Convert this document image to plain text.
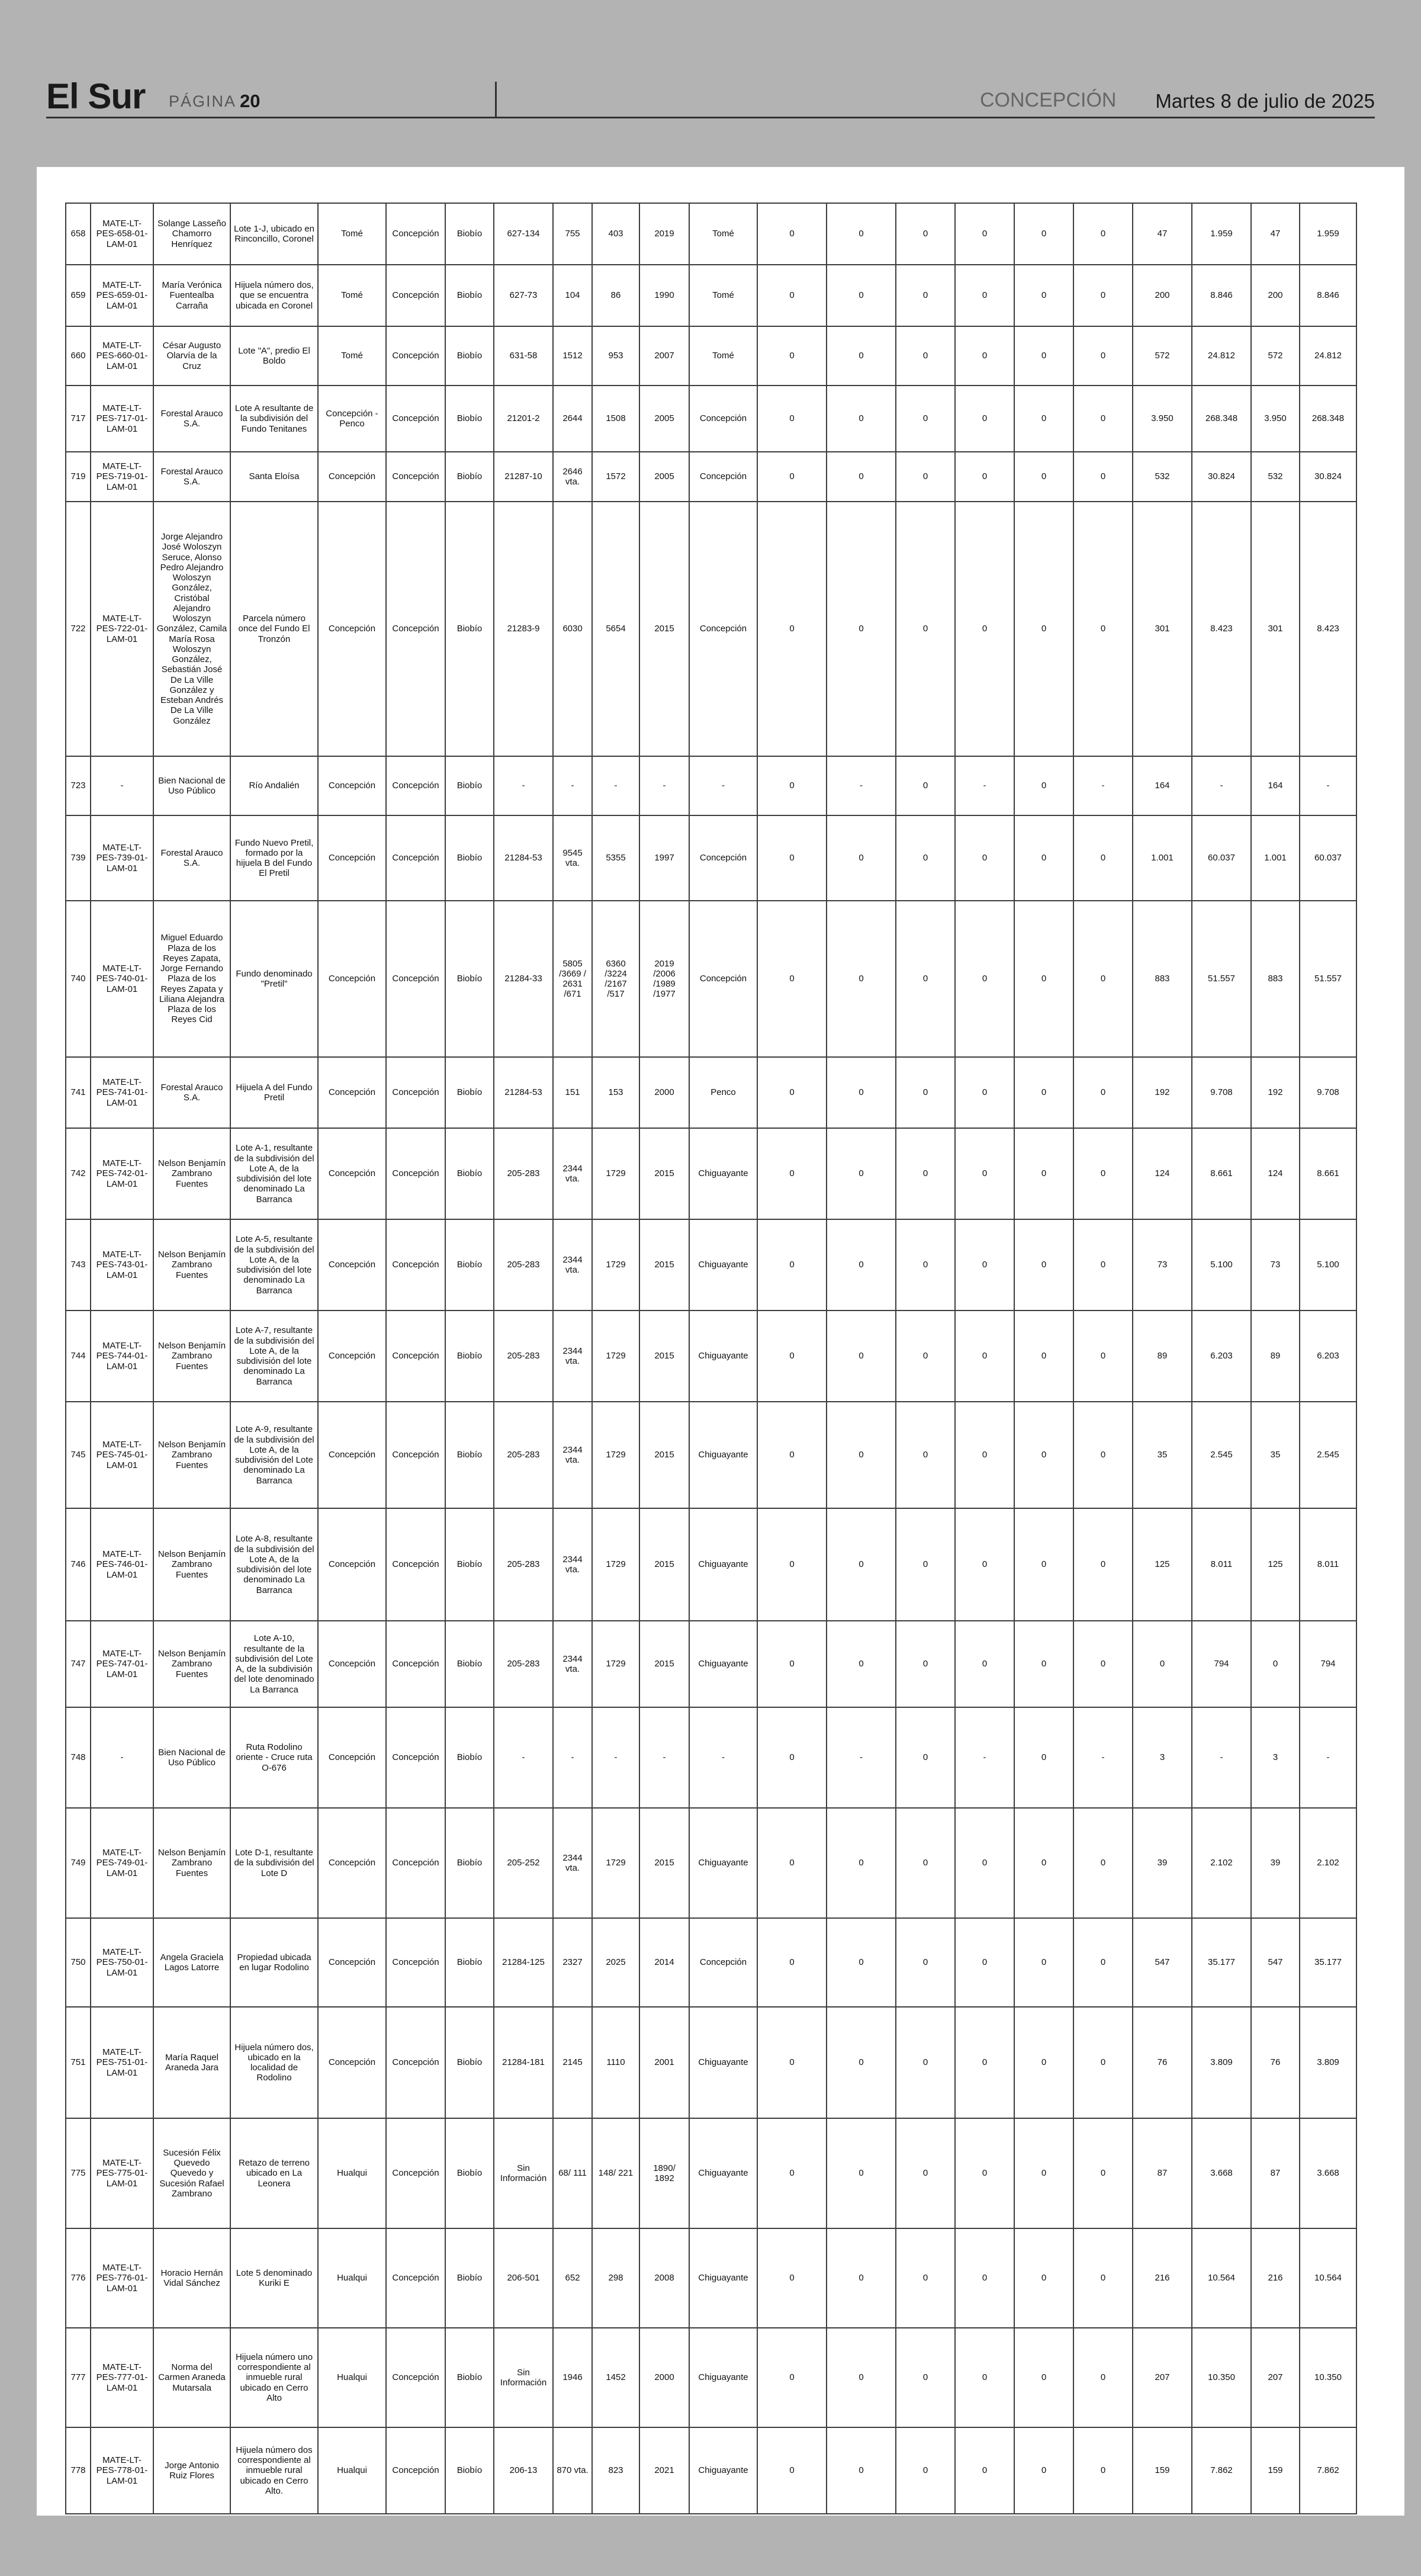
El Sur PÁGINA 20	CONCEPCIÓN Martes 8 de julio de 2025
658	MATE-LT-PES-658-01-LAM-01	Solange Lasseño Chamorro Henríquez	Lote 1-J, ubicado en Rinconcillo, Coronel	Tomé	Concepción	Biobío	627-134	755	403	2019	Tomé	0	0	0	0	0	0	47	1.959	47	1.959
659	MATE-LT-PES-659-01-LAM-01	María Verónica Fuentealba Carraña	Hijuela número dos, que se encuentra ubicada en Coronel	Tomé	Concepción	Biobío	627-73	104	86	1990	Tomé	0	0	0	0	0	0	200	8.846	200	8.846
660	MATE-LT-PES-660-01-LAM-01	César Augusto Olarvía de la Cruz	Lote "A", predio El Boldo	Tomé	Concepción	Biobío	631-58	1512	953	2007	Tomé	0	0	0	0	0	0	572	24.812	572	24.812
717	MATE-LT-PES-717-01-LAM-01	Forestal Arauco S.A.	Lote A resultante de la subdivisión del Fundo Tenitanes	Concepción - Penco	Concepción	Biobío	21201-2	2644	1508	2005	Concepción	0	0	0	0	0	0	3.950	268.348	3.950	268.348
719	MATE-LT-PES-719-01-LAM-01	Forestal Arauco S.A.	Santa Eloísa	Concepción	Concepción	Biobío	21287-10	2646 vta.	1572	2005	Concepción	0	0	0	0	0	0	532	30.824	532	30.824
722	MATE-LT-PES-722-01-LAM-01	Jorge Alejandro José Woloszyn Seruce, Alonso Pedro Alejandro Woloszyn González, Cristóbal Alejandro Woloszyn González, Camila María Rosa Woloszyn González, Sebastián José De La Ville González y Esteban Andrés De La Ville González	Parcela número once del Fundo El Tronzón	Concepción	Concepción	Biobío	21283-9	6030	5654	2015	Concepción	0	0	0	0	0	0	301	8.423	301	8.423
723	-	Bien Nacional de Uso Público	Río Andalién	Concepción	Concepción	Biobío	-	-	-	-	-	0	-	0	-	0	-	164	-	164	-
739	MATE-LT-PES-739-01-LAM-01	Forestal Arauco S.A.	Fundo Nuevo Pretil, formado por la hijuela B del Fundo El Pretil	Concepción	Concepción	Biobío	21284-53	9545 vta.	5355	1997	Concepción	0	0	0	0	0	0	1.001	60.037	1.001	60.037
740	MATE-LT-PES-740-01-LAM-01	Miguel Eduardo Plaza de los Reyes Zapata, Jorge Fernando Plaza de los Reyes Zapata y Liliana Alejandra Plaza de los Reyes Cid	Fundo denominado "Pretil"	Concepción	Concepción	Biobío	21284-33	5805 /3669 / 2631 /671	6360 /3224 /2167 /517	2019 /2006 /1989 /1977	Concepción	0	0	0	0	0	0	883	51.557	883	51.557
741	MATE-LT-PES-741-01-LAM-01	Forestal Arauco S.A.	Hijuela A del Fundo Pretil	Concepción	Concepción	Biobío	21284-53	151	153	2000	Penco	0	0	0	0	0	0	192	9.708	192	9.708
742	MATE-LT-PES-742-01-LAM-01	Nelson Benjamín Zambrano Fuentes	Lote A-1, resultante de la subdivisión del Lote A, de la subdivisión del lote denominado La Barranca	Concepción	Concepción	Biobío	205-283	2344 vta.	1729	2015	Chiguayante	0	0	0	0	0	0	124	8.661	124	8.661
743	MATE-LT-PES-743-01-LAM-01	Nelson Benjamín Zambrano Fuentes	Lote A-5, resultante de la subdivisión del Lote A, de la subdivisión del lote denominado La Barranca	Concepción	Concepción	Biobío	205-283	2344 vta.	1729	2015	Chiguayante	0	0	0	0	0	0	73	5.100	73	5.100
744	MATE-LT-PES-744-01-LAM-01	Nelson Benjamín Zambrano Fuentes	Lote A-7, resultante de la subdivisión del Lote A, de la subdivisión del lote denominado La Barranca	Concepción	Concepción	Biobío	205-283	2344 vta.	1729	2015	Chiguayante	0	0	0	0	0	0	89	6.203	89	6.203
745	MATE-LT-PES-745-01-LAM-01	Nelson Benjamín Zambrano Fuentes	Lote A-9, resultante de la subdivisión del Lote A, de la subdivisión del Lote denominado La Barranca	Concepción	Concepción	Biobío	205-283	2344 vta.	1729	2015	Chiguayante	0	0	0	0	0	0	35	2.545	35	2.545
746	MATE-LT-PES-746-01-LAM-01	Nelson Benjamín Zambrano Fuentes	Lote A-8, resultante de la subdivisión del Lote A, de la subdivisión del lote denominado La Barranca	Concepción	Concepción	Biobío	205-283	2344 vta.	1729	2015	Chiguayante	0	0	0	0	0	0	125	8.011	125	8.011
747	MATE-LT-PES-747-01-LAM-01	Nelson Benjamín Zambrano Fuentes	Lote A-10, resultante de la subdivisión del Lote A, de la subdivisión del lote denominado La Barranca	Concepción	Concepción	Biobío	205-283	2344 vta.	1729	2015	Chiguayante	0	0	0	0	0	0	0	794	0	794
748	-	Bien Nacional de Uso Público	Ruta Rodolino oriente - Cruce ruta O-676	Concepción	Concepción	Biobío	-	-	-	-	-	0	-	0	-	0	-	3	-	3	-
749	MATE-LT-PES-749-01-LAM-01	Nelson Benjamín Zambrano Fuentes	Lote D-1, resultante de la subdivisión del Lote D	Concepción	Concepción	Biobío	205-252	2344 vta.	1729	2015	Chiguayante	0	0	0	0	0	0	39	2.102	39	2.102
750	MATE-LT-PES-750-01-LAM-01	Angela Graciela Lagos Latorre	Propiedad ubicada en lugar Rodolino	Concepción	Concepción	Biobío	21284-125	2327	2025	2014	Concepción	0	0	0	0	0	0	547	35.177	547	35.177
751	MATE-LT-PES-751-01-LAM-01	María Raquel Araneda Jara	Hijuela número dos, ubicado en la localidad de Rodolino	Concepción	Concepción	Biobío	21284-181	2145	1110	2001	Chiguayante	0	0	0	0	0	0	76	3.809	76	3.809
775	MATE-LT-PES-775-01-LAM-01	Sucesión Félix Quevedo Quevedo y Sucesión Rafael Zambrano	Retazo de terreno ubicado en La Leonera	Hualqui	Concepción	Biobío	Sin Información	68/ 111	148/ 221	1890/ 1892	Chiguayante	0	0	0	0	0	0	87	3.668	87	3.668
776	MATE-LT-PES-776-01-LAM-01	Horacio Hernán Vidal Sánchez	Lote 5 denominado Kuriki E	Hualqui	Concepción	Biobío	206-501	652	298	2008	Chiguayante	0	0	0	0	0	0	216	10.564	216	10.564
777	MATE-LT-PES-777-01-LAM-01	Norma del Carmen Araneda Mutarsala	Hijuela número uno correspondiente al inmueble rural ubicado en Cerro Alto	Hualqui	Concepción	Biobío	Sin Información	1946	1452	2000	Chiguayante	0	0	0	0	0	0	207	10.350	207	10.350
778	MATE-LT-PES-778-01-LAM-01	Jorge Antonio Ruiz Flores	Hijuela número dos correspondiente al inmueble rural ubicado en Cerro Alto.	Hualqui	Concepción	Biobío	206-13	870 vta.	823	2021	Chiguayante	0	0	0	0	0	0	159	7.862	159	7.862
